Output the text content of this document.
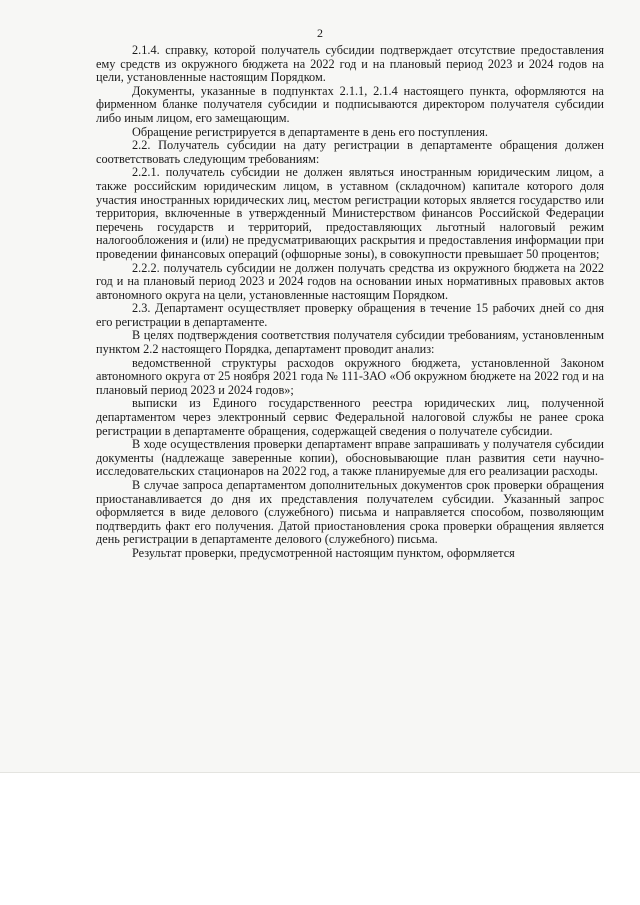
2

2.1.4. справку, которой получатель субсидии подтверждает отсутствие предоставления ему средств из окружного бюджета на 2022 год и на плановый период 2023 и 2024 годов на цели, установленные настоящим Порядком.

Документы, указанные в подпунктах 2.1.1, 2.1.4 настоящего пункта, оформляются на фирменном бланке получателя субсидии и подписываются директором получателя субсидии либо иным лицом, его замещающим.

Обращение регистрируется в департаменте в день его поступления.

2.2. Получатель субсидии на дату регистрации в департаменте обращения должен соответствовать следующим требованиям:

2.2.1. получатель субсидии не должен являться иностранным юридическим лицом, а также российским юридическим лицом, в уставном (складочном) капитале которого доля участия иностранных юридических лиц, местом регистрации которых является государство или территория, включенные в утвержденный Министерством финансов Российской Федерации перечень государств и территорий, предоставляющих льготный налоговый режим налогообложения и (или) не предусматривающих раскрытия и предоставления информации при проведении финансовых операций (офшорные зоны), в совокупности превышает 50 процентов;

2.2.2. получатель субсидии не должен получать средства из окружного бюджета на 2022 год и на плановый период 2023 и 2024 годов на основании иных нормативных правовых актов автономного округа на цели, установленные настоящим Порядком.

2.3. Департамент осуществляет проверку обращения в течение 15 рабочих дней со дня его регистрации в департаменте.

В целях подтверждения соответствия получателя субсидии требованиям, установленным пунктом 2.2 настоящего Порядка, департамент проводит анализ:

ведомственной структуры расходов окружного бюджета, установленной Законом автономного округа от 25 ноября 2021 года № 111-ЗАО «Об окружном бюджете на 2022 год и на плановый период 2023 и 2024 годов»;

выписки из Единого государственного реестра юридических лиц, полученной департаментом через электронный сервис Федеральной налоговой службы не ранее срока регистрации в департаменте обращения, содержащей сведения о получателе субсидии.

В ходе осуществления проверки департамент вправе запрашивать у получателя субсидии документы (надлежаще заверенные копии), обосновывающие план развития сети научно-исследовательских стационаров на 2022 год, а также планируемые для его реализации расходы.

В случае запроса департаментом дополнительных документов срок проверки обращения приостанавливается до дня их представления получателем субсидии. Указанный запрос оформляется в виде делового (служебного) письма и направляется способом, позволяющим подтвердить факт его получения. Датой приостановления срока проверки обращения является день регистрации в департаменте делового (служебного) письма.

Результат проверки, предусмотренной настоящим пунктом, оформляется
